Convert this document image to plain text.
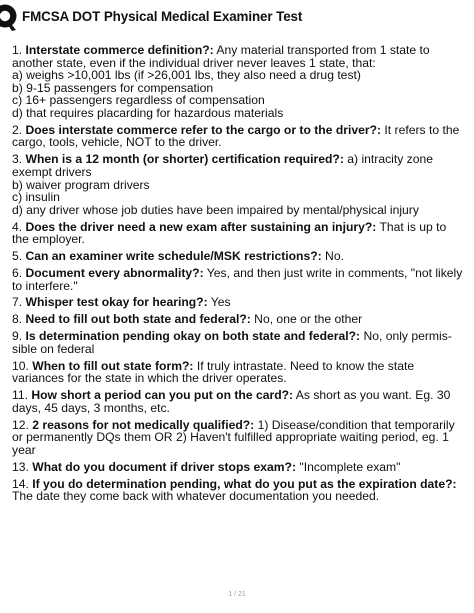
FMCSA DOT Physical Medical Examiner Test
1. Interstate commerce definition?: Any material transported from 1 state to another state, even if the individual driver never leaves 1 state, that:
a) weighs >10,001 lbs (if >26,001 lbs, they also need a drug test)
b) 9-15 passengers for compensation
c) 16+ passengers regardless of compensation
d) that requires placarding for hazardous materials
2. Does interstate commerce refer to the cargo or to the driver?: It refers to the cargo, tools, vehicle, NOT to the driver.
3. When is a 12 month (or shorter) certification required?: a) intracity zone exempt drivers
b) waiver program drivers
c) insulin
d) any driver whose job duties have been impaired by mental/physical injury
4. Does the driver need a new exam after sustaining an injury?: That is up to the employer.
5. Can an examiner write schedule/MSK restrictions?: No.
6. Document every abnormality?: Yes, and then just write in comments, "not likely to interfere."
7. Whisper test okay for hearing?: Yes
8. Need to fill out both state and federal?: No, one or the other
9. Is determination pending okay on both state and federal?: No, only permissible on federal
10. When to fill out state form?: If truly intrastate. Need to know the state variances for the state in which the driver operates.
11. How short a period can you put on the card?: As short as you want. Eg. 30 days, 45 days, 3 months, etc.
12. 2 reasons for not medically qualified?: 1) Disease/condition that temporarily or permanently DQs them OR 2) Haven't fulfilled appropriate waiting period, eg. 1 year
13. What do you document if driver stops exam?: "Incomplete exam"
14. If you do determination pending, what do you put as the expiration date?: The date they come back with whatever documentation you needed.
1 / 21
